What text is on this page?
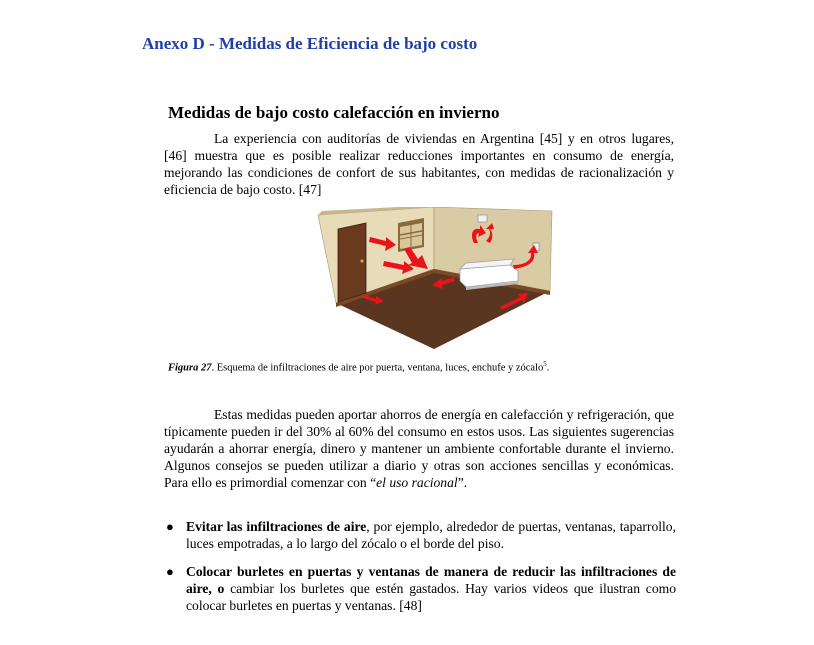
Anexo D - Medidas de Eficiencia de bajo costo
Medidas de bajo costo calefacción en invierno
La experiencia con auditorías de viviendas en Argentina [45] y en otros lugares, [46] muestra que es posible realizar reducciones importantes en consumo de energía, mejorando las condiciones de confort de sus habitantes, con medidas de racionalización y eficiencia de bajo costo. [47]
Figura 27. Esquema de infiltraciones de aire por puerta, ventana, luces, enchufe y zócalo$^5$.
Estas medidas pueden aportar ahorros de energía en calefacción y refrigeración, que típicamente pueden ir del 30% al 60% del consumo en estos usos. Las siguientes sugerencias ayudarán a ahorrar energía, dinero y mantener un ambiente confortable durante el invierno. Algunos consejos se pueden utilizar a diario y otras son acciones sencillas y económicas. Para ello es primordial comenzar con “el uso racional”.
● Evitar las infiltraciones de aire, por ejemplo, alrededor de puertas, ventanas, taparrollo, luces empotradas, a lo largo del zócalo o el borde del piso.
● Colocar burletes en puertas y ventanas de manera de reducir las infiltraciones de aire, o cambiar los burletes que estén gastados. Hay varios videos que ilustran como colocar burletes en puertas y ventanas. [48]
